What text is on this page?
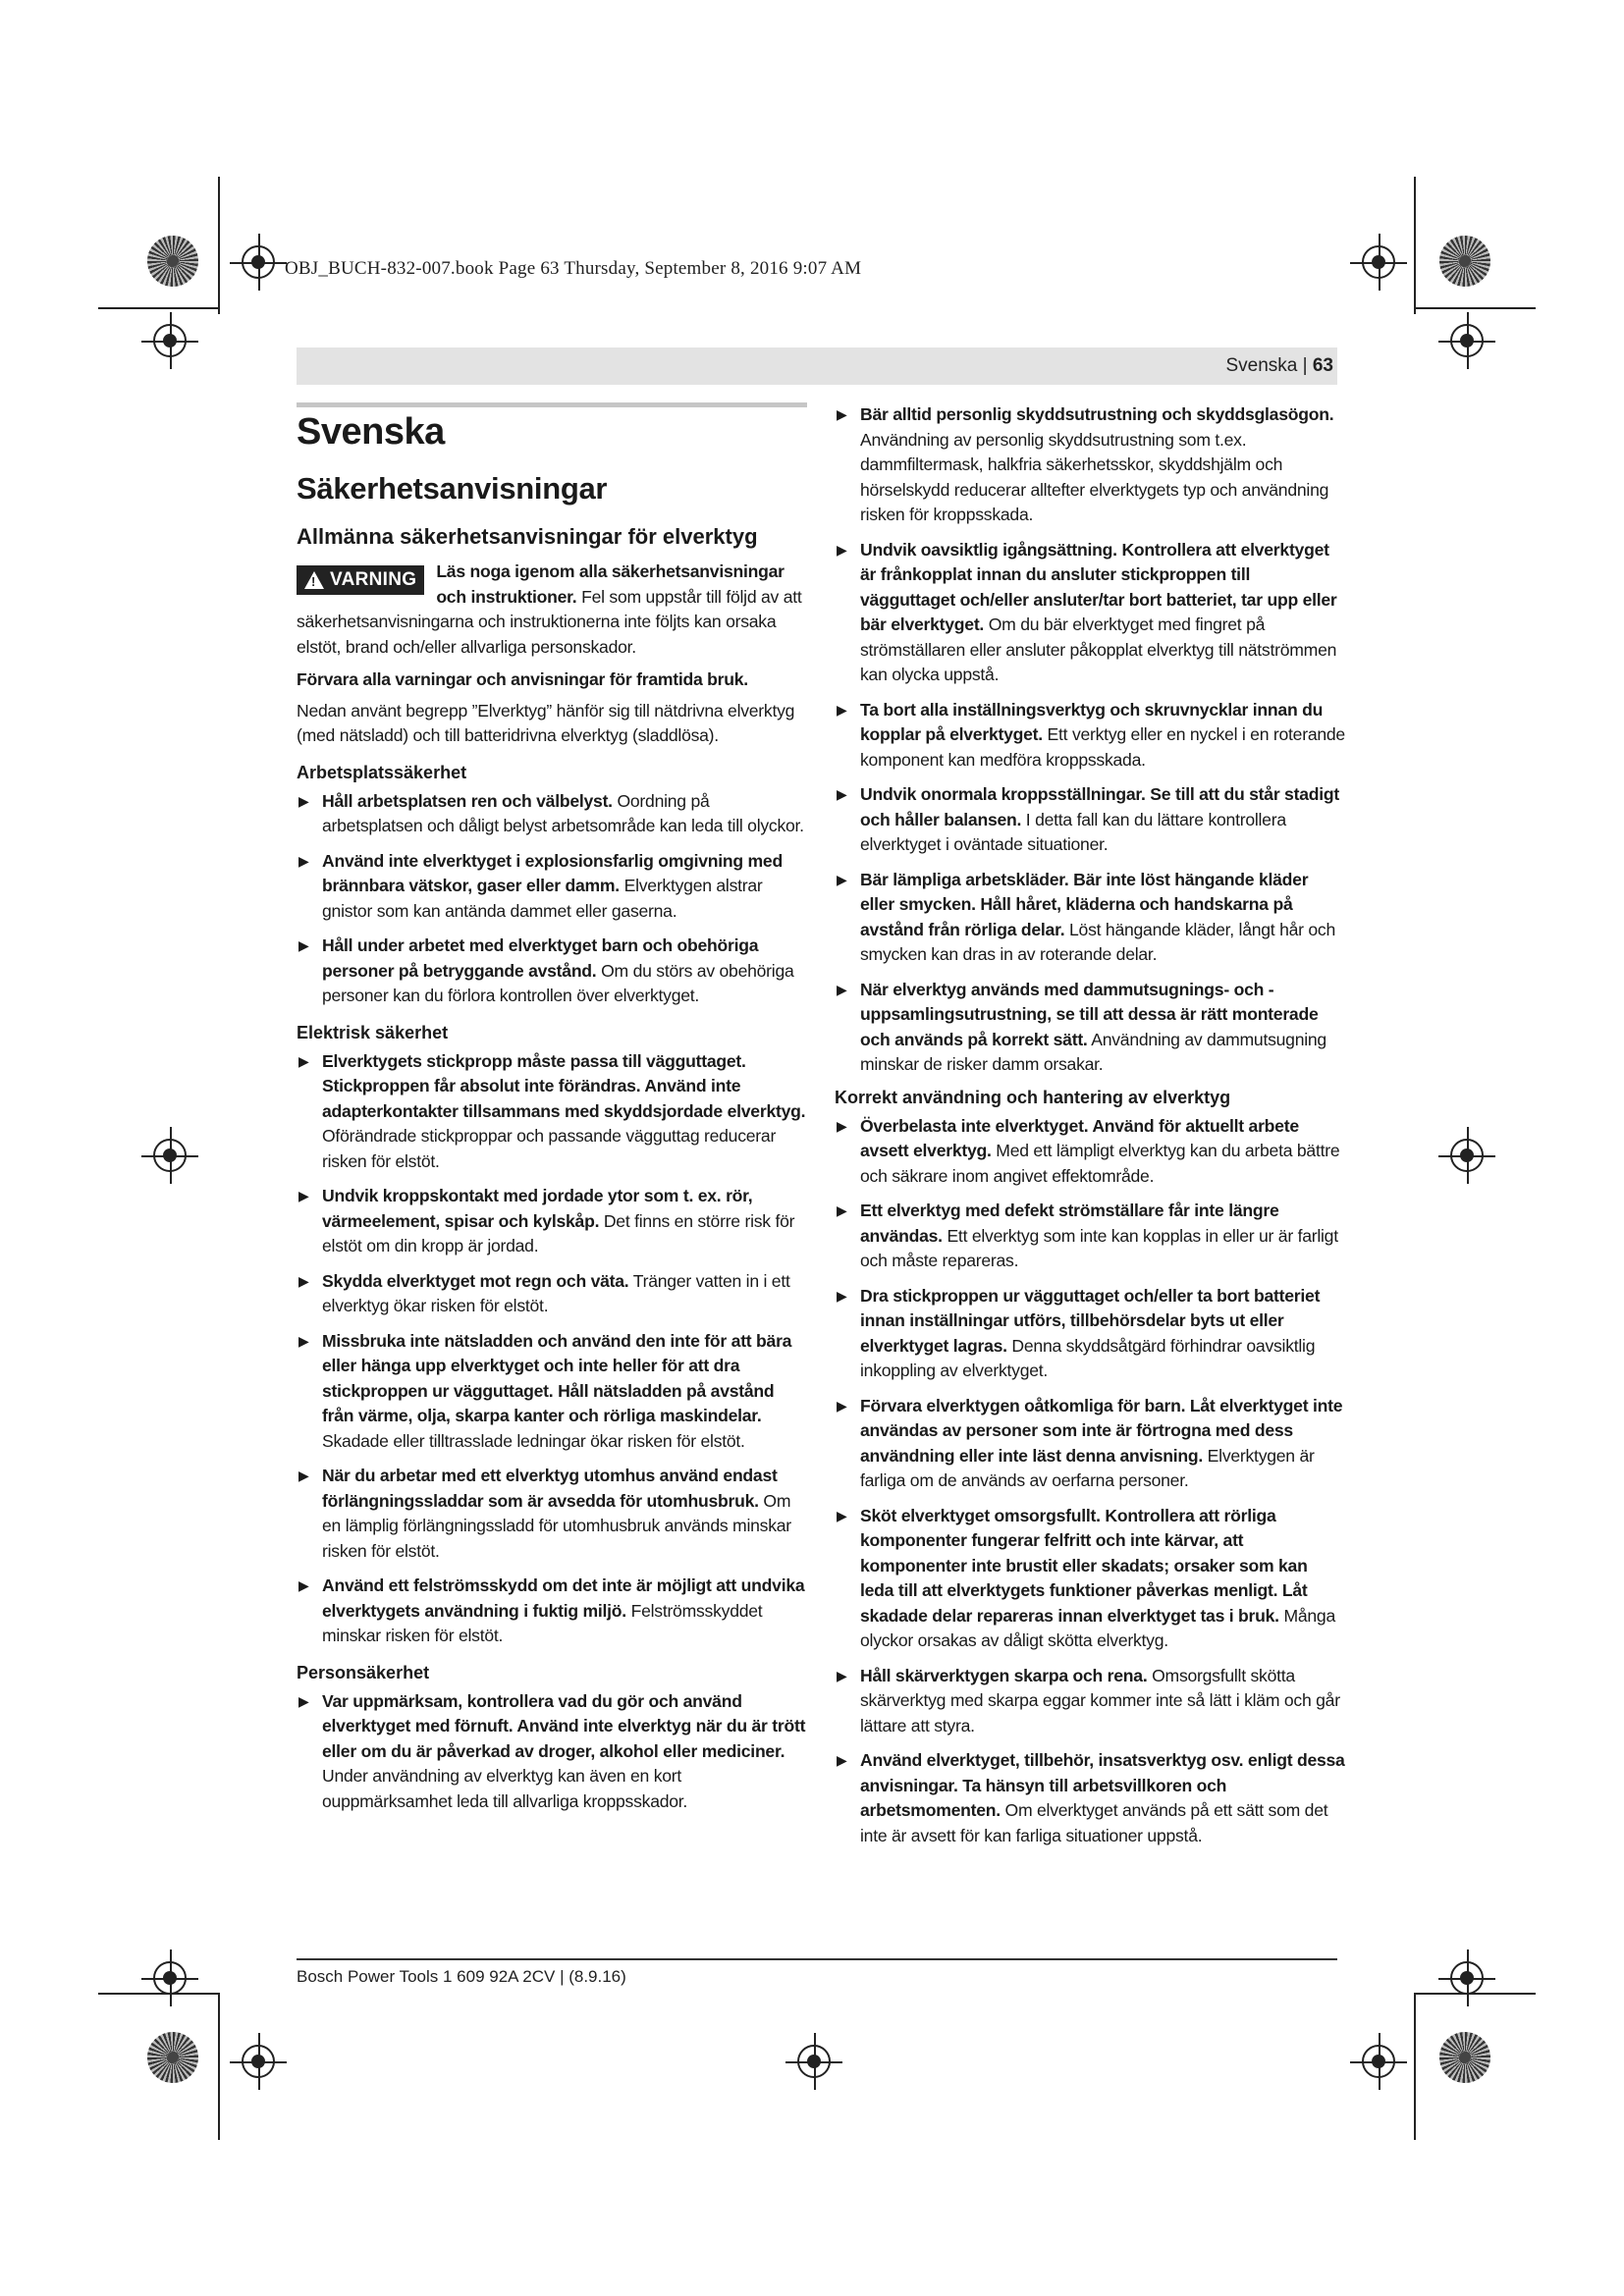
OBJ_BUCH-832-007.book Page 63 Thursday, September 8, 2016 9:07 AM
Svenska | 63
Svenska
Säkerhetsanvisningar
Allmänna säkerhetsanvisningar för elverktyg
!
VARNING	Läs noga igenom alla säkerhetsanvisningar och instruktioner. Fel som uppstår till följd av att säkerhetsanvisningarna och instruktionerna inte följts kan orsaka elstöt, brand och/eller allvarliga personskador.

Förvara alla varningar och anvisningar för framtida bruk.

Nedan använt begrepp ”Elverktyg” hänför sig till nätdrivna elverktyg (med nätsladd) och till batteridrivna elverktyg (sladdlösa).

Arbetsplatssäkerhet
▶ Håll arbetsplatsen ren och välbelyst. Oordning på arbetsplatsen och dåligt belyst arbetsområde kan leda till olyckor.
▶ Använd inte elverktyget i explosionsfarlig omgivning med brännbara vätskor, gaser eller damm. Elverktygen alstrar gnistor som kan antända dammet eller gaserna.
▶ Håll under arbetet med elverktyget barn och obehöriga personer på betryggande avstånd. Om du störs av obehöriga personer kan du förlora kontrollen över elverktyget.
Elektrisk säkerhet
▶ Elverktygets stickpropp måste passa till vägguttaget. Stickproppen får absolut inte förändras. Använd inte adapterkontakter tillsammans med skyddsjordade elverktyg. Oförändrade stickproppar och passande vägguttag reducerar risken för elstöt.
▶ Undvik kroppskontakt med jordade ytor som t. ex. rör, värmeelement, spisar och kylskåp. Det finns en större risk för elstöt om din kropp är jordad.
▶ Skydda elverktyget mot regn och väta. Tränger vatten in i ett elverktyg ökar risken för elstöt.
▶ Missbruka inte nätsladden och använd den inte för att bära eller hänga upp elverktyget och inte heller för att dra stickproppen ur vägguttaget. Håll nätsladden på avstånd från värme, olja, skarpa kanter och rörliga maskindelar. Skadade eller tilltrasslade ledningar ökar risken för elstöt.
▶ När du arbetar med ett elverktyg utomhus använd endast förlängningssladdar som är avsedda för utomhusbruk. Om en lämplig förlängningssladd för utomhusbruk används minskar risken för elstöt.
▶ Använd ett felströmsskydd om det inte är möjligt att undvika elverktygets användning i fuktig miljö. Felströmsskyddet minskar risken för elstöt.
Personsäkerhet
▶ Var uppmärksam, kontrollera vad du gör och använd elverktyget med förnuft. Använd inte elverktyg när du är trött eller om du är påverkad av droger, alkohol eller mediciner. Under användning av elverktyg kan även en kort ouppmärksamhet leda till allvarliga kroppsskador.
▶ Bär alltid personlig skyddsutrustning och skyddsglasögon. Användning av personlig skyddsutrustning som t.ex. dammfiltermask, halkfria säkerhetsskor, skyddshjälm och hörselskydd reducerar alltefter elverktygets typ och användning risken för kroppsskada.
▶ Undvik oavsiktlig igångsättning. Kontrollera att elverktyget är frånkopplat innan du ansluter stickproppen till vägguttaget och/eller ansluter/tar bort batteriet, tar upp eller bär elverktyget. Om du bär elverktyget med fingret på strömställaren eller ansluter påkopplat elverktyg till nätströmmen kan olycka uppstå.
▶ Ta bort alla inställningsverktyg och skruvnycklar innan du kopplar på elverktyget. Ett verktyg eller en nyckel i en roterande komponent kan medföra kroppsskada.
▶ Undvik onormala kroppsställningar. Se till att du står stadigt och håller balansen. I detta fall kan du lättare kontrollera elverktyget i oväntade situationer.
▶ Bär lämpliga arbetskläder. Bär inte löst hängande kläder eller smycken. Håll håret, kläderna och handskarna på avstånd från rörliga delar. Löst hängande kläder, långt hår och smycken kan dras in av roterande delar.
▶ När elverktyg används med dammutsugnings- och -uppsamlingsutrustning, se till att dessa är rätt monterade och används på korrekt sätt. Användning av dammutsugning minskar de risker damm orsakar.
Korrekt användning och hantering av elverktyg
▶ Överbelasta inte elverktyget. Använd för aktuellt arbete avsett elverktyg. Med ett lämpligt elverktyg kan du arbeta bättre och säkrare inom angivet effektområde.
▶ Ett elverktyg med defekt strömställare får inte längre användas. Ett elverktyg som inte kan kopplas in eller ur är farligt och måste repareras.
▶ Dra stickproppen ur vägguttaget och/eller ta bort batteriet innan inställningar utförs, tillbehörsdelar byts ut eller elverktyget lagras. Denna skyddsåtgärd förhindrar oavsiktlig inkoppling av elverktyget.
▶ Förvara elverktygen oåtkomliga för barn. Låt elverktyget inte användas av personer som inte är förtrogna med dess användning eller inte läst denna anvisning. Elverktygen är farliga om de används av oerfarna personer.
▶ Sköt elverktyget omsorgsfullt. Kontrollera att rörliga komponenter fungerar felfritt och inte kärvar, att komponenter inte brustit eller skadats; orsaker som kan leda till att elverktygets funktioner påverkas menligt. Låt skadade delar repareras innan elverktyget tas i bruk. Många olyckor orsakas av dåligt skötta elverktyg.
▶ Håll skärverktygen skarpa och rena. Omsorgsfullt skötta skärverktyg med skarpa eggar kommer inte så lätt i kläm och går lättare att styra.
▶ Använd elverktyget, tillbehör, insatsverktyg osv. enligt dessa anvisningar. Ta hänsyn till arbetsvillkoren och arbetsmomenten. Om elverktyget används på ett sätt som det inte är avsett för kan farliga situationer uppstå.
Bosch Power Tools 1 609 92A 2CV | (8.9.16)
